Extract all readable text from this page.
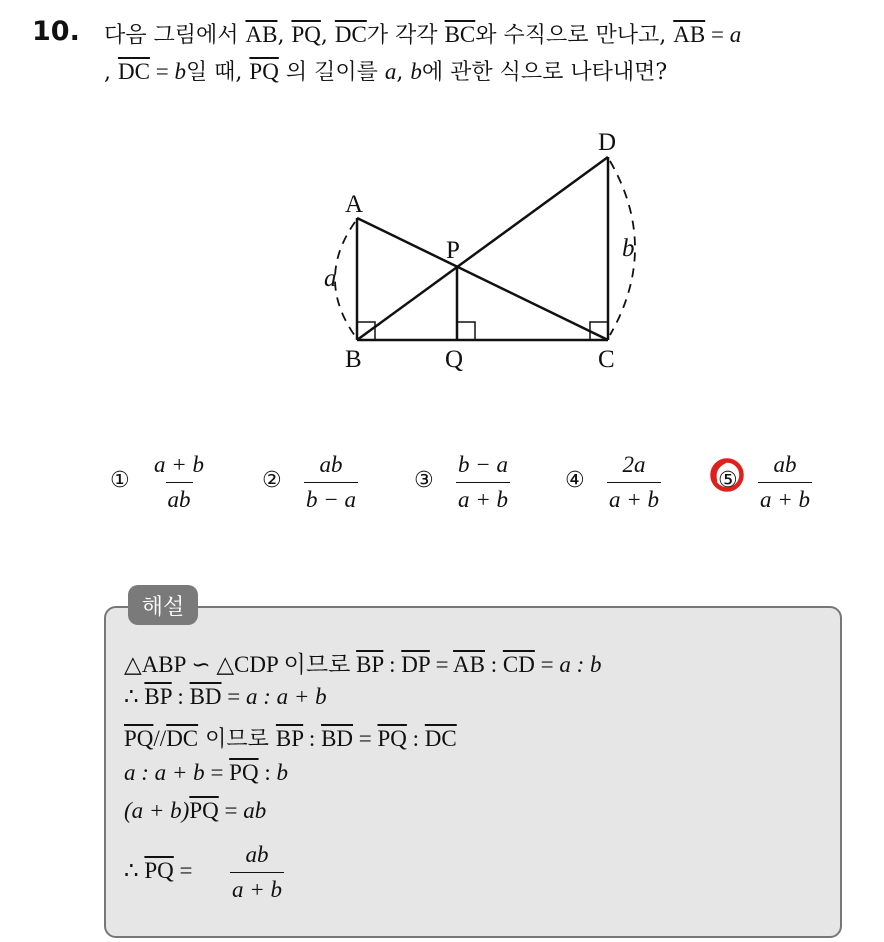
10. 다음 그림에서 $\overline{AB}$, $\overline{PQ}$, $\overline{DC}$가 각각 $\overline{BC}$와 수직으로 만나고, $\overline{AB} = a$
, $\overline{DC} = b$일 때, $\overline{PQ}$ 의 길이를 a, b에 관한 식으로 나타내면?
A
B
P
Q	C
D
a
b
① $\frac{a + b}{ab}$	② $\frac{ab}{b - a}$	③ $\frac{b - a}{a + b}$ ④ $\frac{2a}{a + b}$	⑤ $\frac{ab}{a + b}$
해설
△ABP ∽ △CDP 이므로 $\overline{BP}$ : $\overline{DP} = \overline{AB}$ : $\overline{CD} = a$ : b
∴ $\overline{BP}$ : $\overline{BD} = a$ : a + b
$\overline{PQ}//\overline{DC}$ 이므로 $\overline{BP}$ : $\overline{BD} = \overline{PQ}$ : $\overline{DC}$
a : $a + b = \overline{PQ}$ : b
$(a + b)\overline{PQ}$ = ab
∴ $\overline{PQ} = \frac{ab}{a + b}$
